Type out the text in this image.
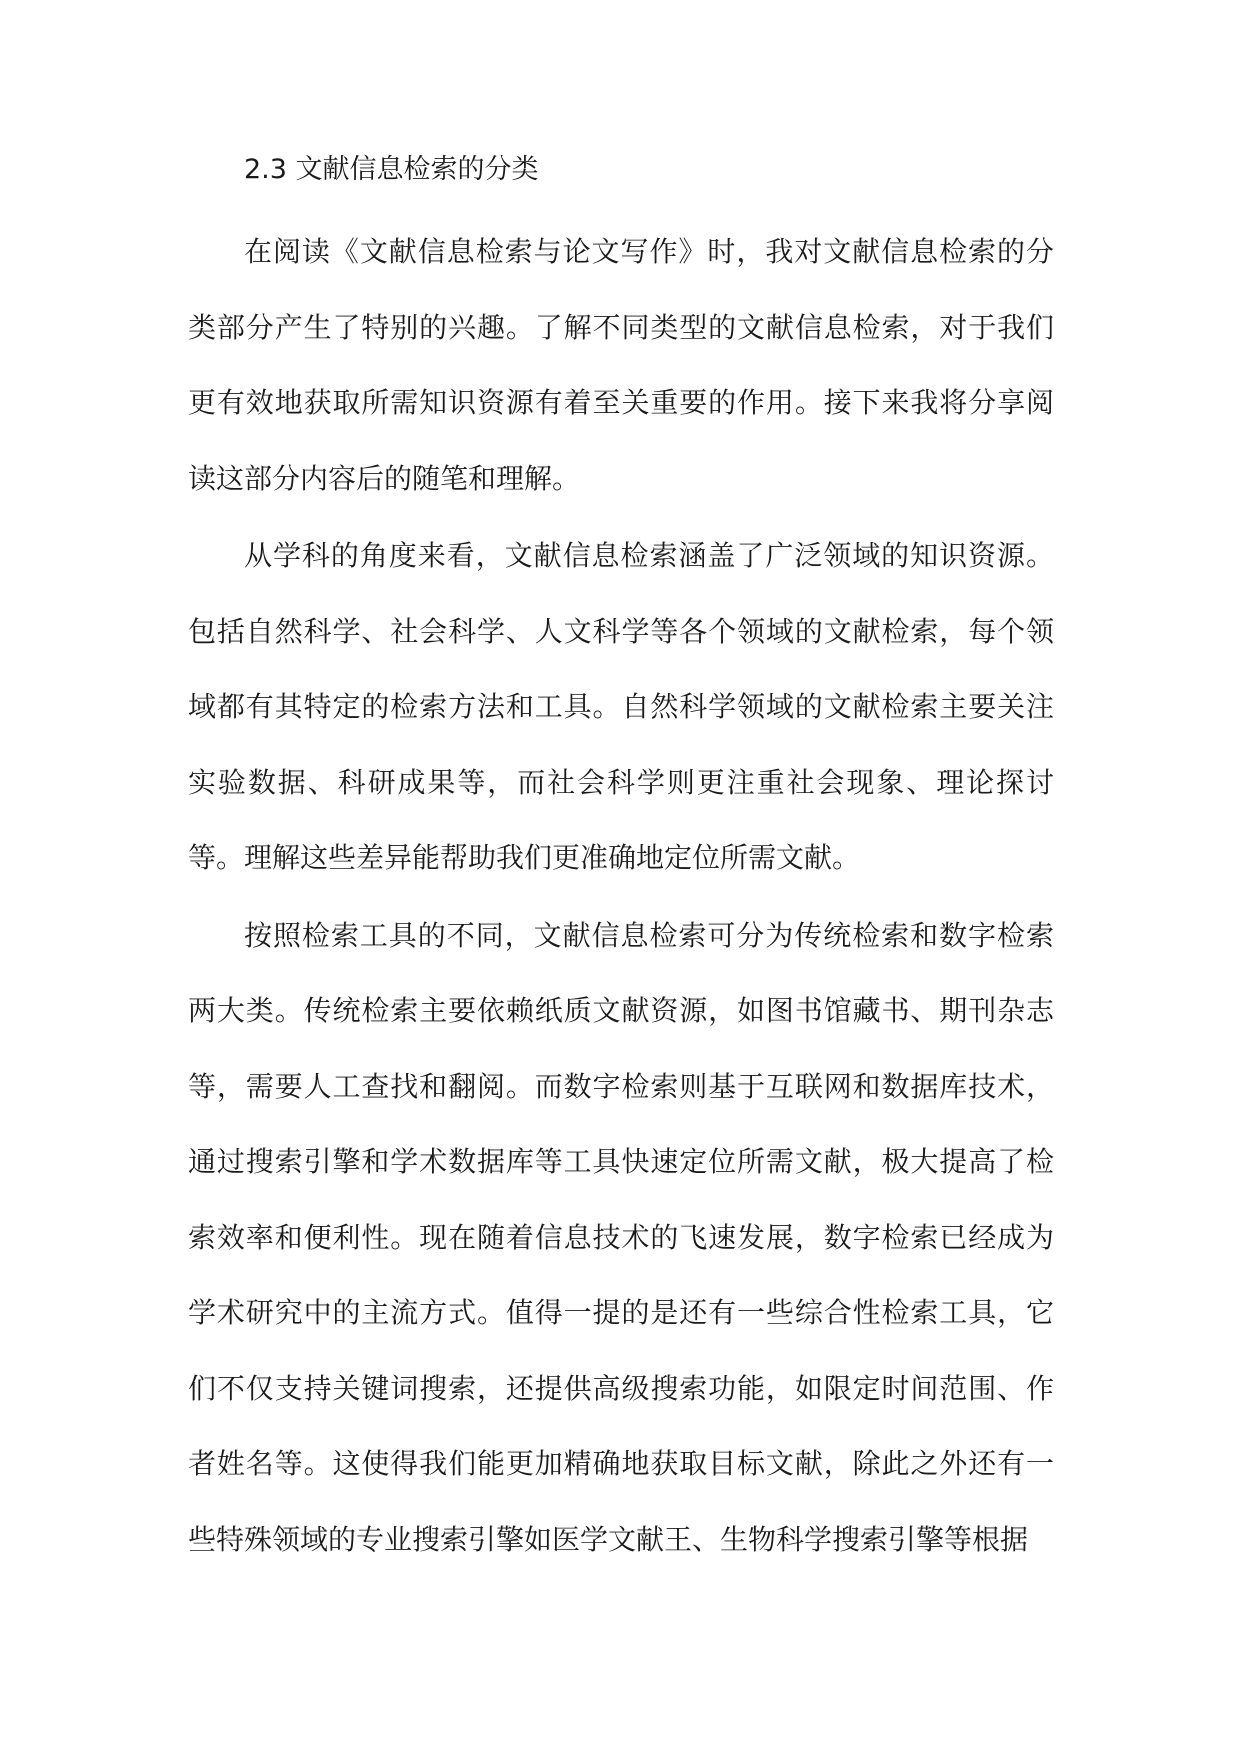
2.3 文献信息检索的分类

在阅读《文献信息检索与论文写作》时，我对文献信息检索的分类部分产生了特别的兴趣。了解不同类型的文献信息检索，对于我们更有效地获取所需知识资源有着至关重要的作用。接下来我将分享阅读这部分内容后的随笔和理解。

从学科的角度来看，文献信息检索涵盖了广泛领域的知识资源。包括自然科学、社会科学、人文科学等各个领域的文献检索，每个领域都有其特定的检索方法和工具。自然科学领域的文献检索主要关注实验数据、科研成果等，而社会科学则更注重社会现象、理论探讨等。理解这些差异能帮助我们更准确地定位所需文献。

按照检索工具的不同，文献信息检索可分为传统检索和数字检索两大类。传统检索主要依赖纸质文献资源，如图书馆藏书、期刊杂志等，需要人工查找和翻阅。而数字检索则基于互联网和数据库技术，通过搜索引擎和学术数据库等工具快速定位所需文献，极大提高了检索效率和便利性。现在随着信息技术的飞速发展，数字检索已经成为学术研究中的主流方式。值得一提的是还有一些综合性检索工具，它们不仅支持关键词搜索，还提供高级搜索功能，如限定时间范围、作者姓名等。这使得我们能更加精确地获取目标文献，除此之外还有一些特殊领域的专业搜索引擎如医学文献王、生物科学搜索引擎等根据
